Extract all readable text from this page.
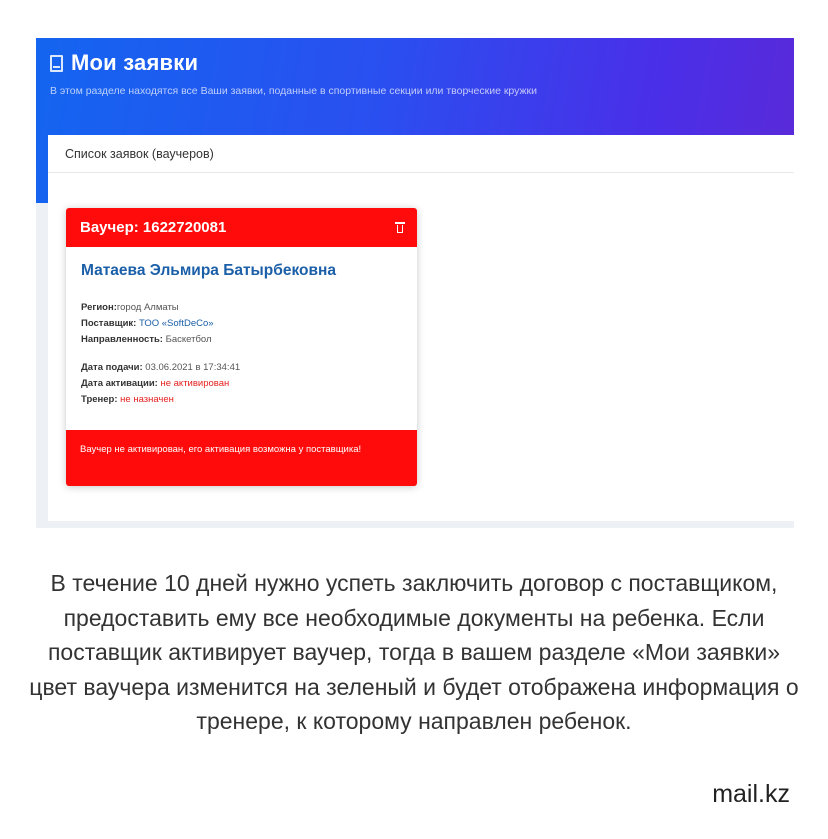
Мои заявки
В этом разделе находятся все Ваши заявки, поданные в спортивные секции или творческие кружки
Список заявок (ваучеров)
Ваучер: 1622720081
Матаева Эльмира Батырбековна
Регион:город Алматы
Поставщик: ТОО «SoftDeCo»
Направленность: Баскетбол
Дата подачи: 03.06.2021 в 17:34:41
Дата активации: не активирован
Тренер: не назначен
Ваучер не активирован, его активация возможна у поставщика!
В течение 10 дней нужно успеть заключить договор с поставщиком, предоставить ему все необходимые документы на ребенка. Если поставщик активирует ваучер, тогда в вашем разделе «Мои заявки» цвет ваучера изменится на зеленый и будет отображена информация о тренере, к которому направлен ребенок.
mail.kz
